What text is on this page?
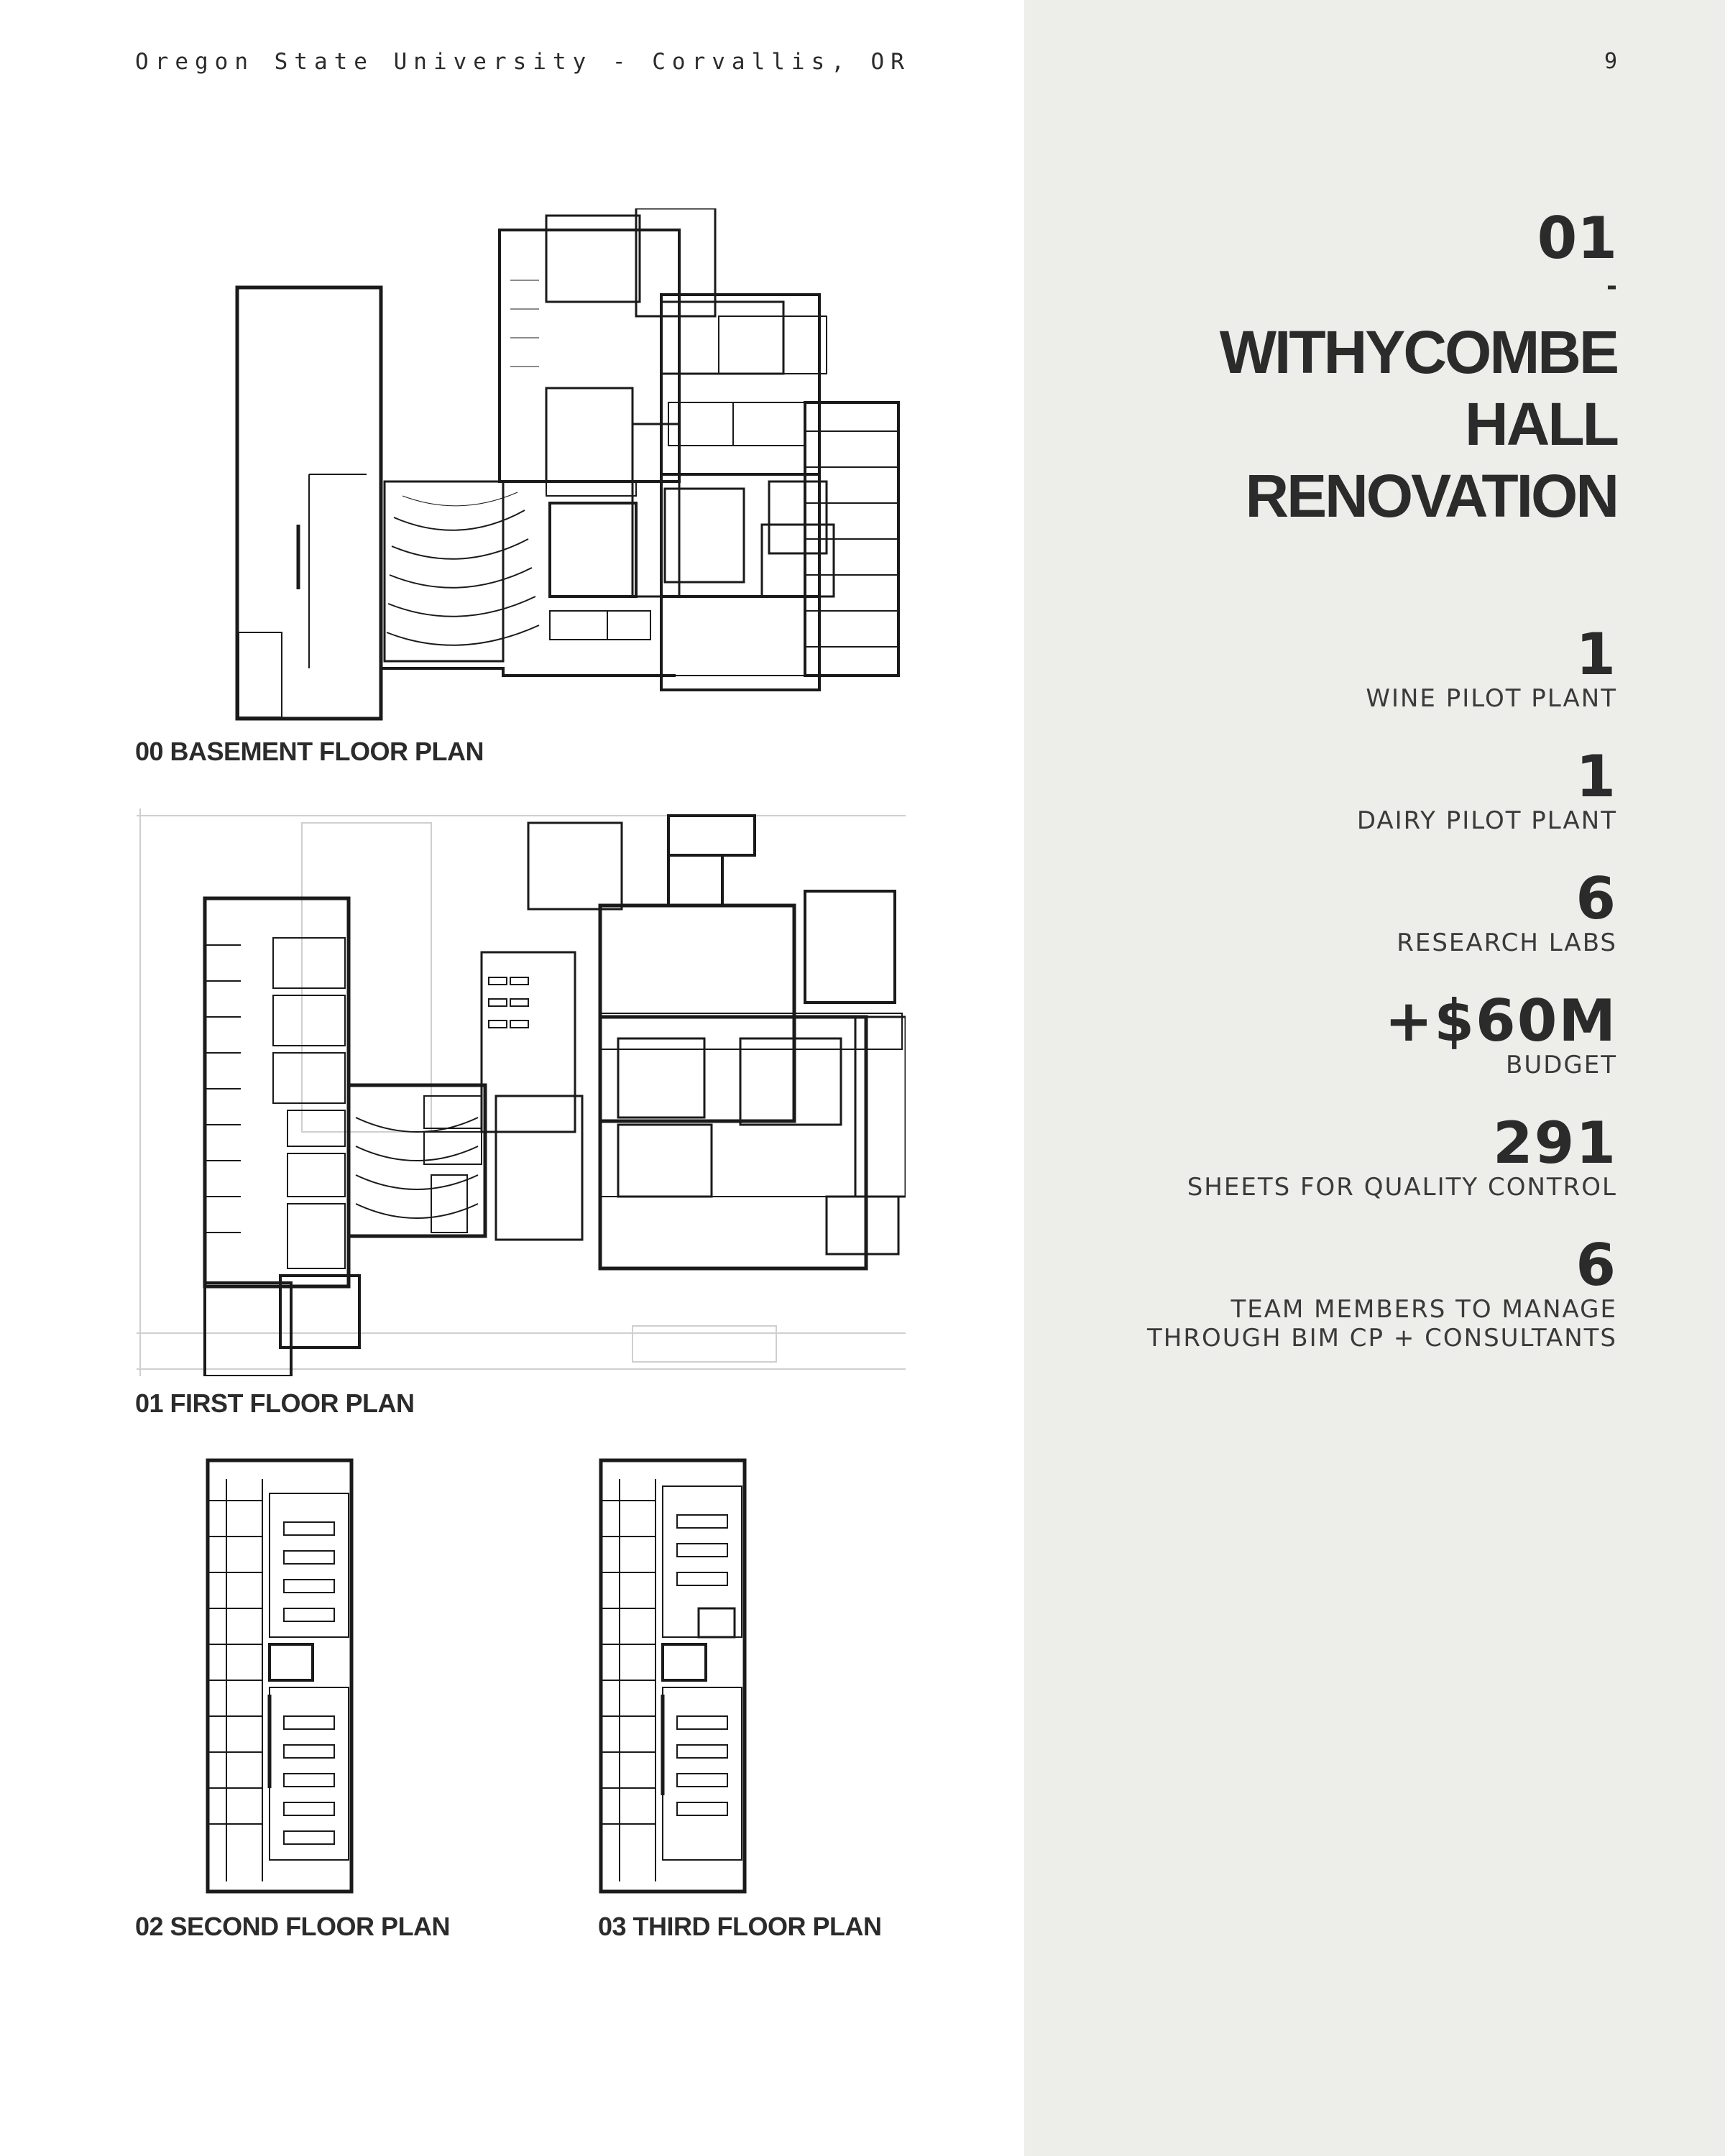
Oregon State University - Corvallis, OR	9
01
-
WITHYCOMBE HALL
RENOVATION
1
WINE PILOT PLANT
1
DAIRY PILOT PLANT
6
RESEARCH LABS
+$60M
BUDGET
291
SHEETS FOR QUALITY CONTROL
6
TEAM MEMBERS TO MANAGE
THROUGH BIM CP + CONSULTANTS
00 BASEMENT FLOOR PLAN
01 FIRST FLOOR PLAN
02 SECOND FLOOR PLAN	03 THIRD FLOOR PLAN
